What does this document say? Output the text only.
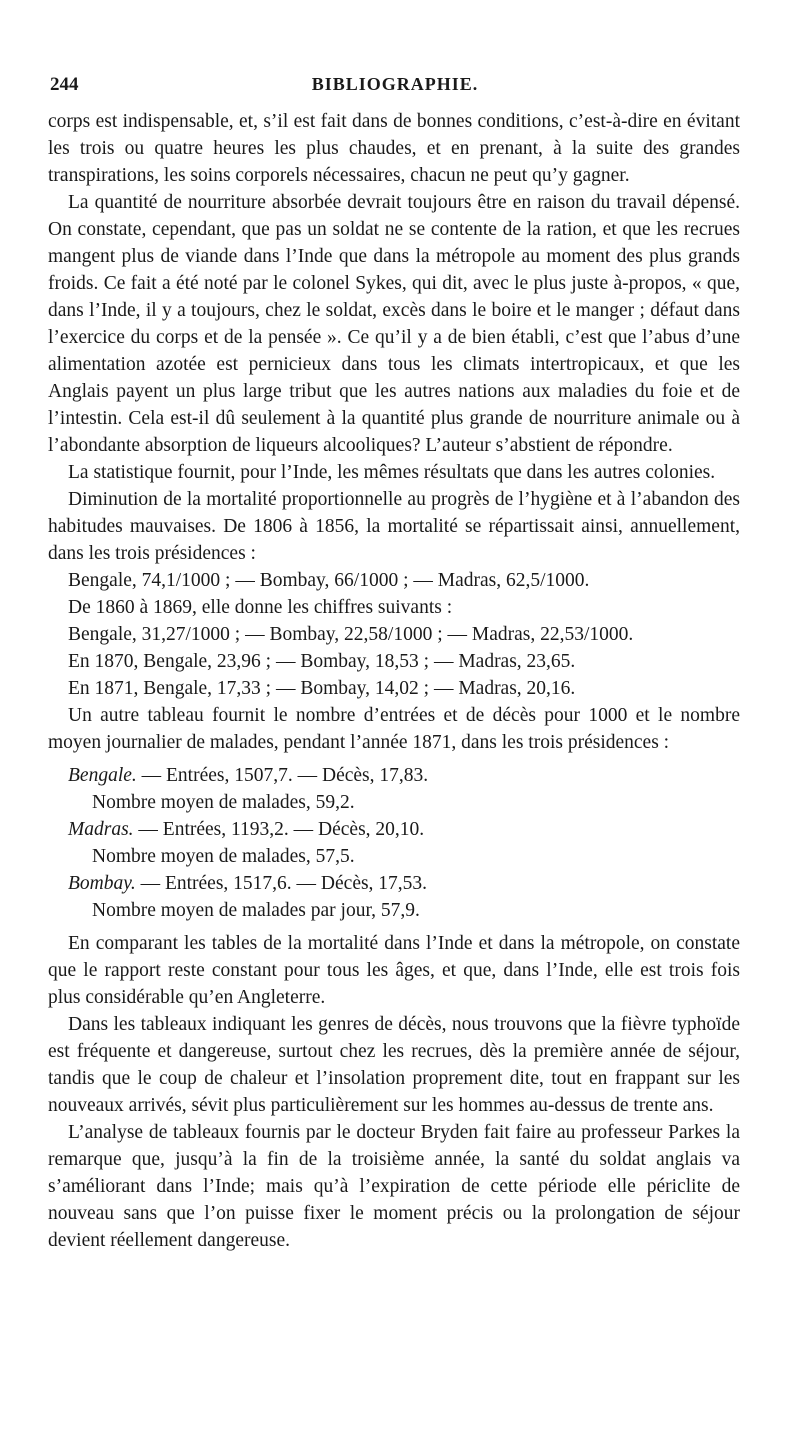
244	BIBLIOGRAPHIE.

corps est indispensable, et, s’il est fait dans de bonnes conditions, c’est-à-dire en évitant les trois ou quatre heures les plus chaudes, et en prenant, à la suite des grandes transpirations, les soins corporels nécessaires, chacun ne peut qu’y gagner.

La quantité de nourriture absorbée devrait toujours être en raison du travail dépensé. On constate, cependant, que pas un soldat ne se contente de la ration, et que les recrues mangent plus de viande dans l’Inde que dans la métropole au moment des plus grands froids. Ce fait a été noté par le colonel Sykes, qui dit, avec le plus juste à-propos, « que, dans l’Inde, il y a toujours, chez le soldat, excès dans le boire et le manger ; défaut dans l’exercice du corps et de la pensée ». Ce qu’il y a de bien établi, c’est que l’abus d’une alimentation azotée est pernicieux dans tous les climats intertropicaux, et que les Anglais payent un plus large tribut que les autres nations aux maladies du foie et de l’intestin. Cela est-il dû seulement à la quantité plus grande de nourriture animale ou à l’abondante absorption de liqueurs alcooliques? L’auteur s’abstient de répondre.

La statistique fournit, pour l’Inde, les mêmes résultats que dans les autres colonies.

Diminution de la mortalité proportionnelle au progrès de l’hygiène et à l’abandon des habitudes mauvaises. De 1806 à 1856, la mortalité se répartissait ainsi, annuellement, dans les trois présidences :

Bengale, 74,1/1000 ; — Bombay, 66/1000 ; — Madras, 62,5/1000.

De 1860 à 1869, elle donne les chiffres suivants :

Bengale, 31,27/1000 ; — Bombay, 22,58/1000 ; — Madras, 22,53/1000.

En 1870, Bengale, 23,96 ; — Bombay, 18,53 ; — Madras, 23,65.

En 1871, Bengale, 17,33 ; — Bombay, 14,02 ; — Madras, 20,16.

Un autre tableau fournit le nombre d’entrées et de décès pour 1000 et le nombre moyen journalier de malades, pendant l’année 1871, dans les trois présidences :

Bengale. — Entrées, 1507,7. — Décès, 17,83.
Nombre moyen de malades, 59,2.
Madras. — Entrées, 1193,2. — Décès, 20,10.
Nombre moyen de malades, 57,5.
Bombay. — Entrées, 1517,6. — Décès, 17,53.
Nombre moyen de malades par jour, 57,9.

En comparant les tables de la mortalité dans l’Inde et dans la métropole, on constate que le rapport reste constant pour tous les âges, et que, dans l’Inde, elle est trois fois plus considérable qu’en Angleterre.

Dans les tableaux indiquant les genres de décès, nous trouvons que la fièvre typhoïde est fréquente et dangereuse, surtout chez les recrues, dès la première année de séjour, tandis que le coup de chaleur et l’insolation proprement dite, tout en frappant sur les nouveaux arrivés, sévit plus particulièrement sur les hommes au-dessus de trente ans.

L’analyse de tableaux fournis par le docteur Bryden fait faire au professeur Parkes la remarque que, jusqu’à la fin de la troisième année, la santé du soldat anglais va s’améliorant dans l’Inde; mais qu’à l’expiration de cette période elle périclite de nouveau sans que l’on puisse fixer le moment précis ou la prolongation de séjour devient réellement dangereuse.
